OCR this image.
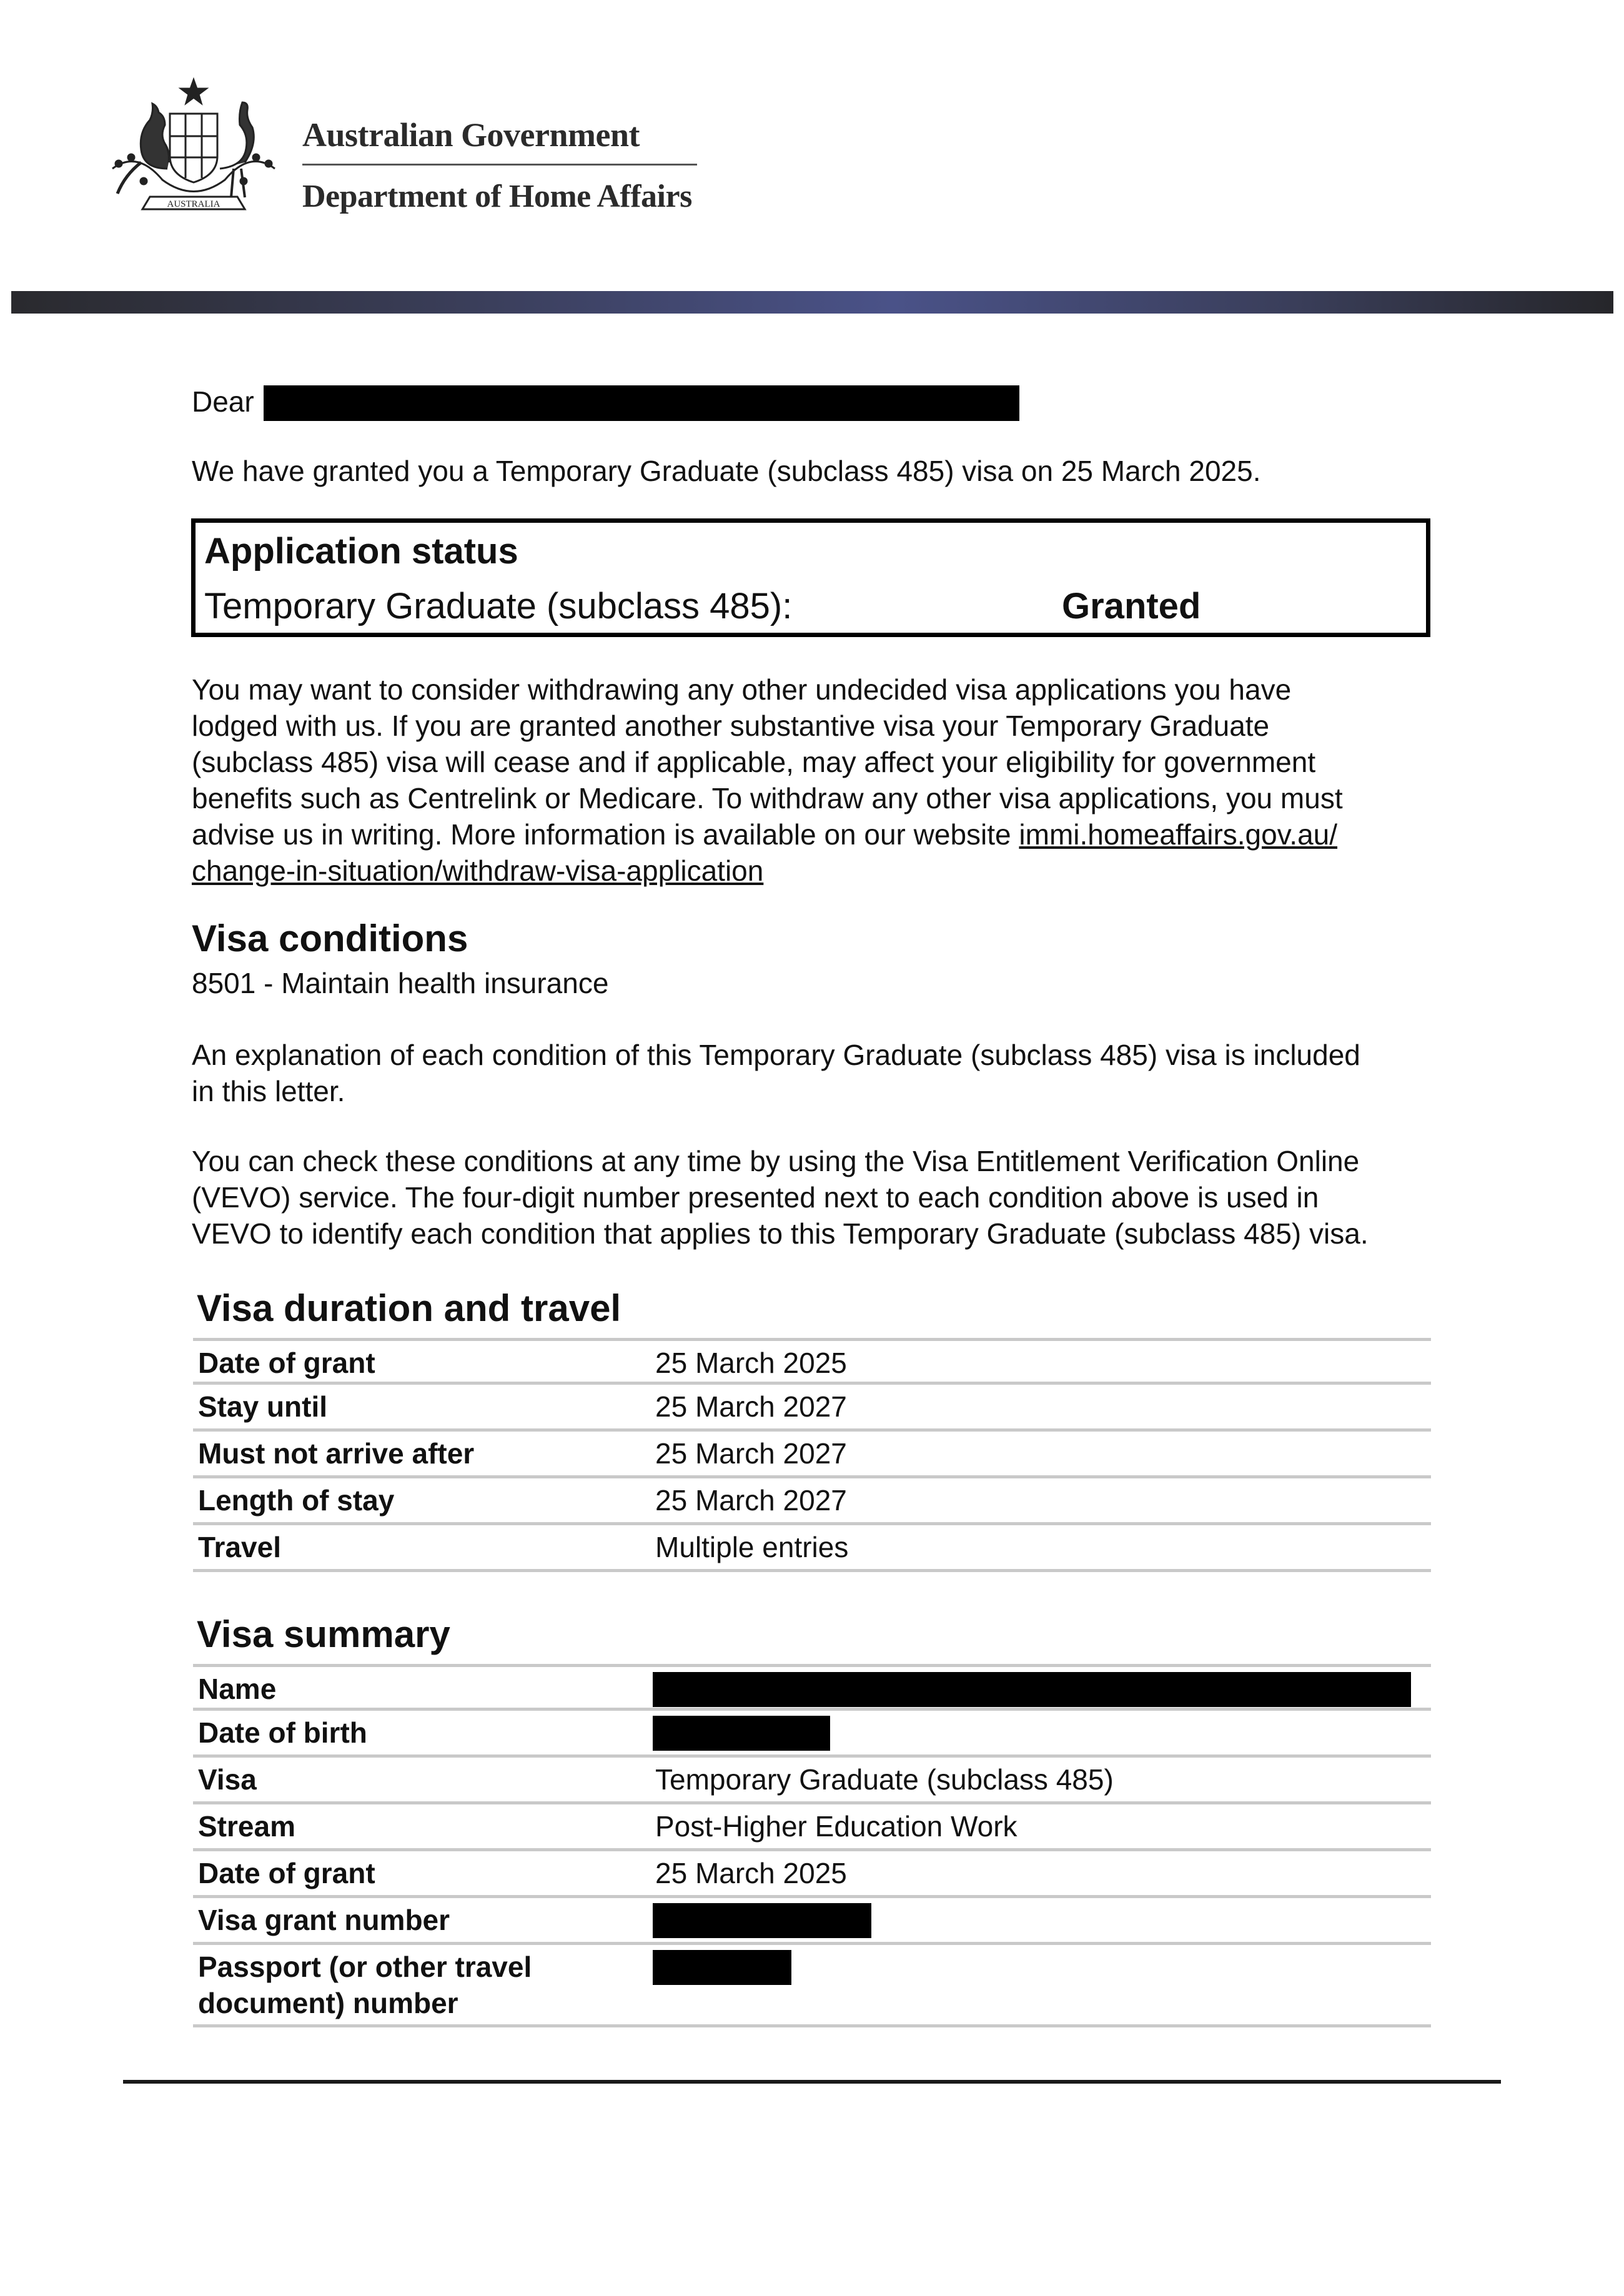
AUSTRALIA
Australian Government
Department of Home Affairs
Dear
We have granted you a Temporary Graduate (subclass 485) visa on 25 March 2025.
Application status
Temporary Graduate (subclass 485):	Granted
You may want to consider withdrawing any other undecided visa applications you have
lodged with us. If you are granted another substantive visa your Temporary Graduate
(subclass 485) visa will cease and if applicable, may affect your eligibility for government
benefits such as Centrelink or Medicare. To withdraw any other visa applications, you must
advise us in writing. More information is available on our website immi.homeaffairs.gov.au/
change-in-situation/withdraw-visa-application
Visa conditions
8501 - Maintain health insurance
An explanation of each condition of this Temporary Graduate (subclass 485) visa is included
in this letter.
You can check these conditions at any time by using the Visa Entitlement Verification Online
(VEVO) service. The four-digit number presented next to each condition above is used in
VEVO to identify each condition that applies to this Temporary Graduate (subclass 485) visa.
Visa duration and travel
Date of grant	25 March 2025
Stay until	25 March 2027
Must not arrive after	25 March 2027
Length of stay	25 March 2027
Travel	Multiple entries
Visa summary
Name
Date of birth
Visa	Temporary Graduate (subclass 485)
Stream	Post-Higher Education Work
Date of grant	25 March 2025
Visa grant number
Passport (or other travel
document) number
